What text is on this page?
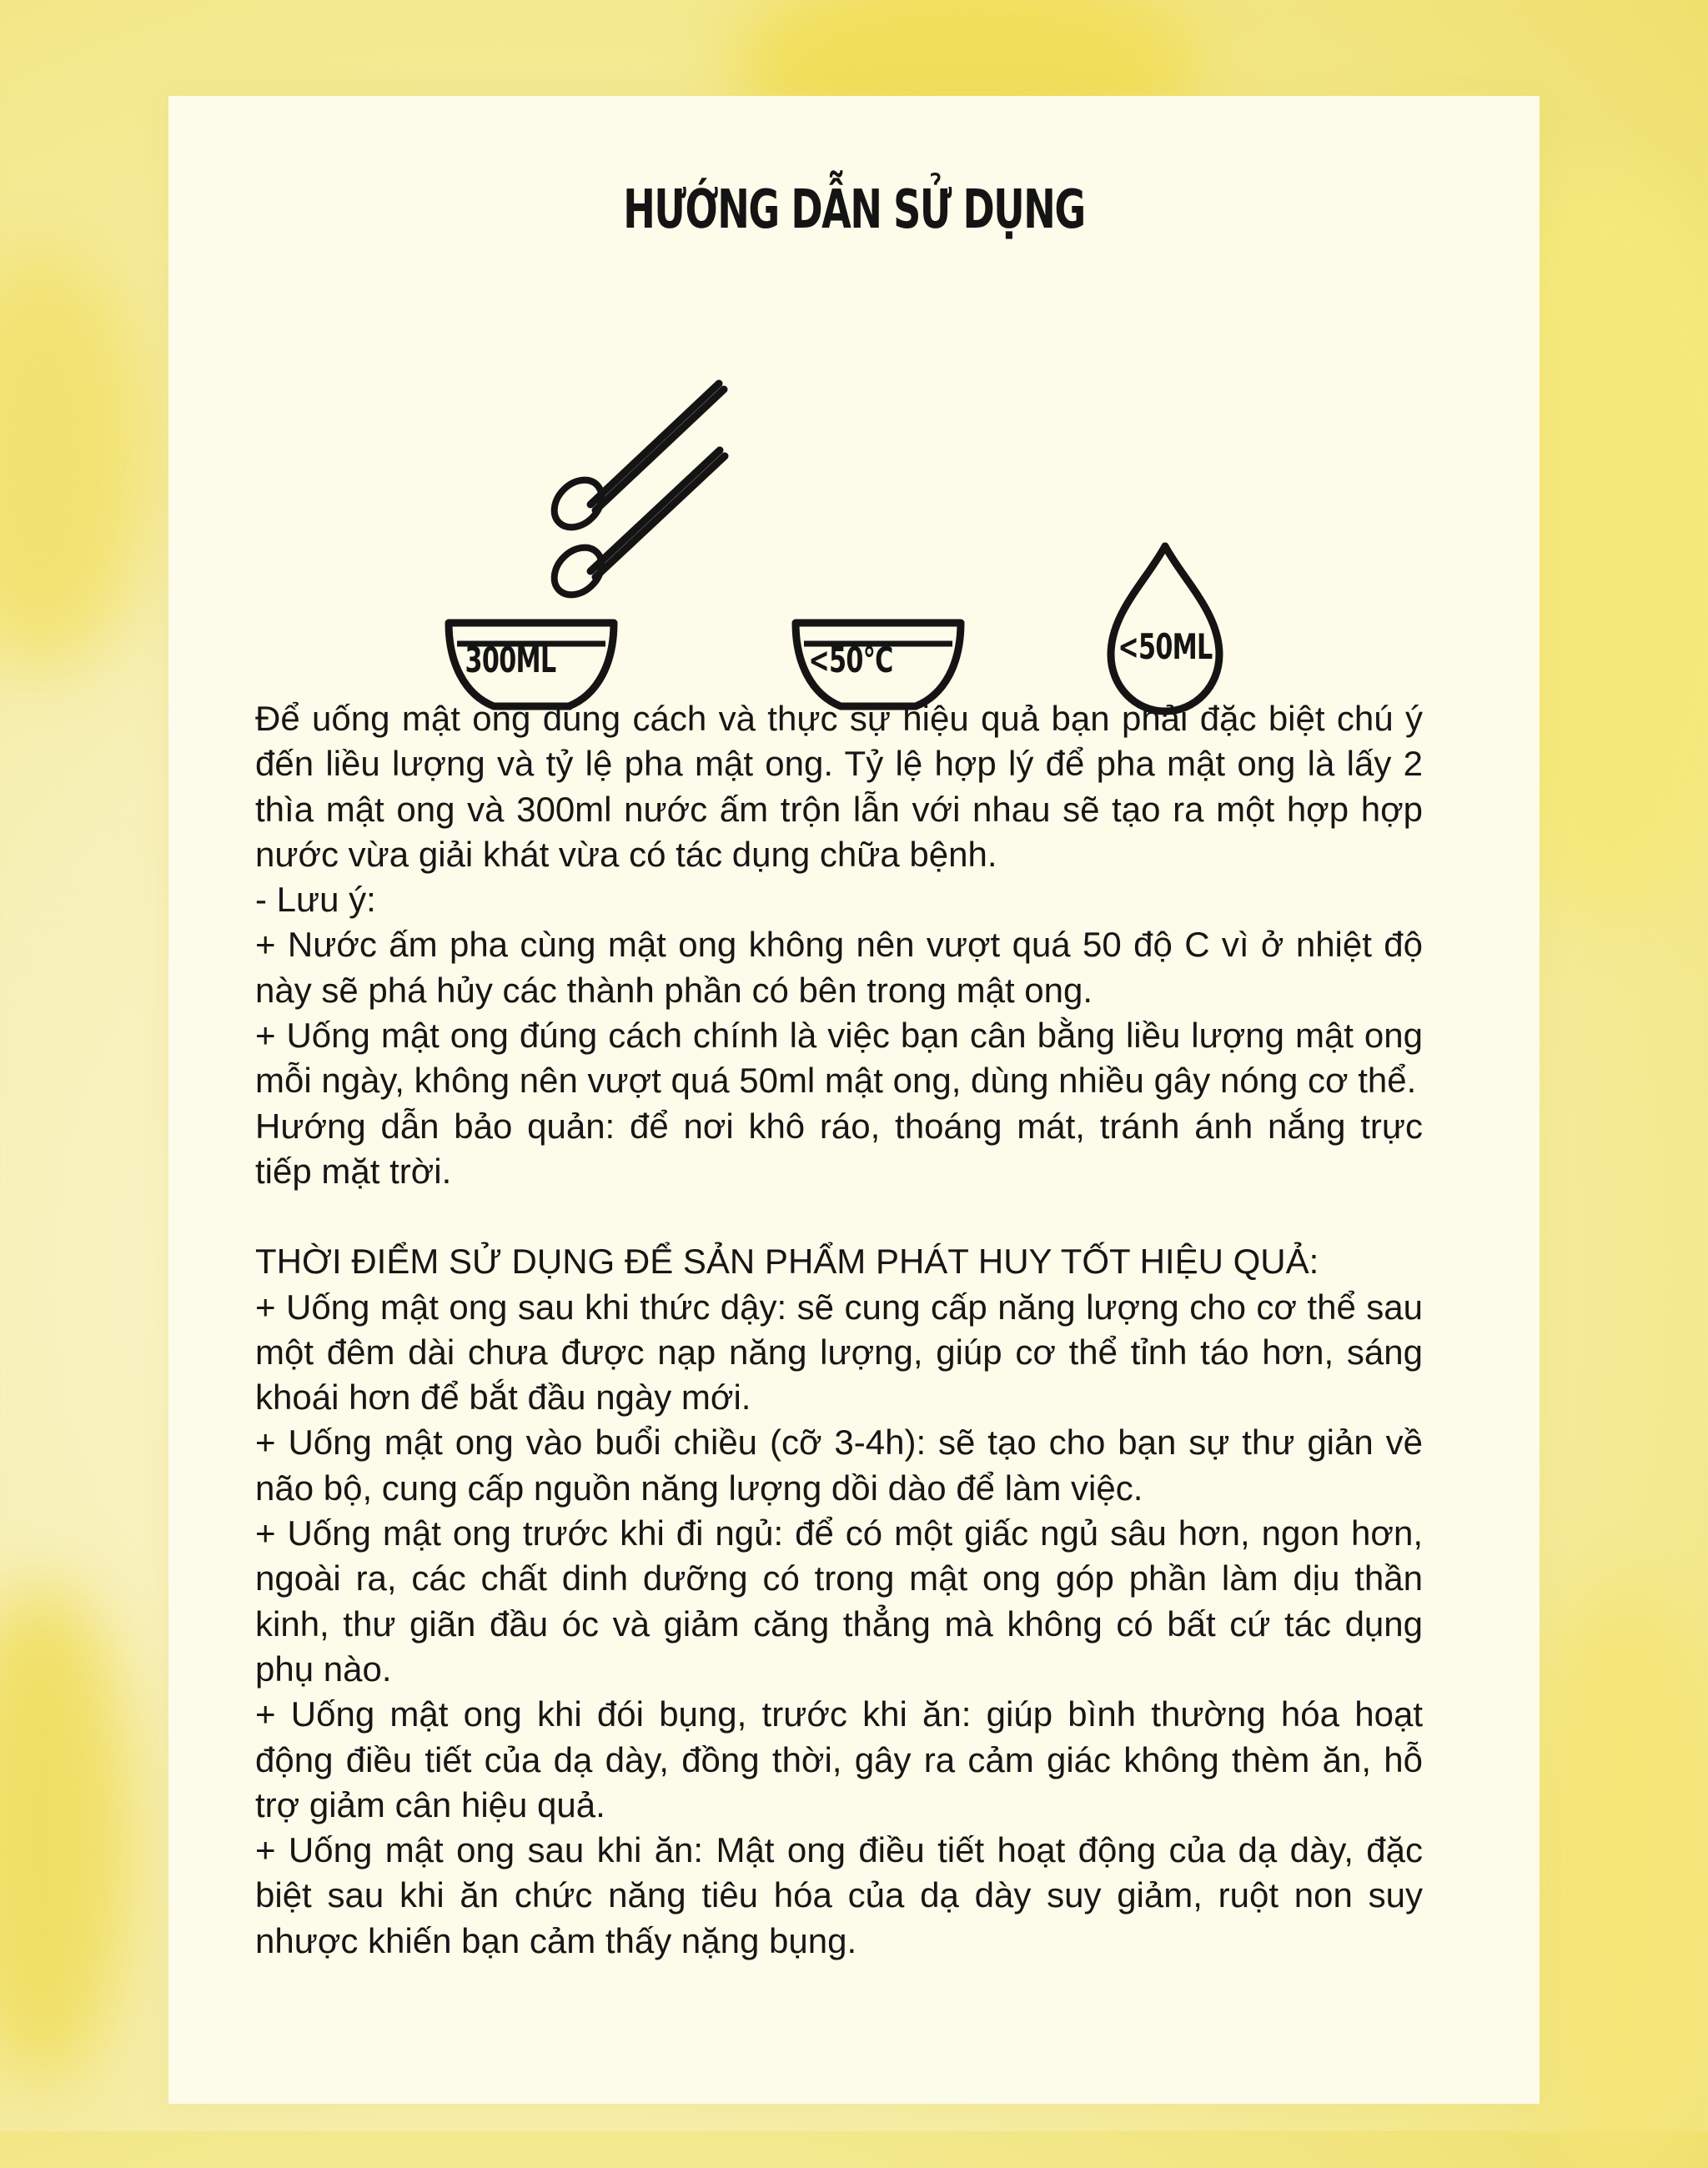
HƯỚNG DẪN SỬ DỤNG
300ML	<50°C	<50ML

Để uống mật ong đúng cách và thực sự hiệu quả bạn phải đặc biệt chú ý đến liều lượng và tỷ lệ pha mật ong. Tỷ lệ hợp lý để pha mật ong là lấy 2 thìa mật ong và 300ml nước ấm trộn lẫn với nhau sẽ tạo ra một hợp hợp nước vừa giải khát vừa có tác dụng chữa bệnh.

- Lưu ý:

+ Nước ấm pha cùng mật ong không nên vượt quá 50 độ C vì ở nhiệt độ này sẽ phá hủy các thành phần có bên trong mật ong.

+ Uống mật ong đúng cách chính là việc bạn cân bằng liều lượng mật ong mỗi ngày, không nên vượt quá 50ml mật ong, dùng nhiều gây nóng cơ thể.

Hướng dẫn bảo quản: để nơi khô ráo, thoáng mát, tránh ánh nắng trực tiếp mặt trời.

THỜI ĐIỂM SỬ DỤNG ĐỂ SẢN PHẨM PHÁT HUY TỐT HIỆU QUẢ:

+ Uống mật ong sau khi thức dậy: sẽ cung cấp năng lượng cho cơ thể sau một đêm dài chưa được nạp năng lượng, giúp cơ thể tỉnh táo hơn, sáng khoái hơn để bắt đầu ngày mới.

+ Uống mật ong vào buổi chiều (cỡ 3-4h): sẽ tạo cho bạn sự thư giản về não bộ, cung cấp nguồn năng lượng dồi dào để làm việc.

+ Uống mật ong trước khi đi ngủ: để có một giấc ngủ sâu hơn, ngon hơn, ngoài ra, các chất dinh dưỡng có trong mật ong góp phần làm dịu thần kinh, thư giãn đầu óc và giảm căng thẳng mà không có bất cứ tác dụng phụ nào.

+ Uống mật ong khi đói bụng, trước khi ăn: giúp bình thường hóa hoạt động điều tiết của dạ dày, đồng thời, gây ra cảm giác không thèm ăn, hỗ trợ giảm cân hiệu quả.

+ Uống mật ong sau khi ăn: Mật ong điều tiết hoạt động của dạ dày, đặc biệt sau khi ăn chức năng tiêu hóa của dạ dày suy giảm, ruột non suy nhược khiến bạn cảm thấy nặng bụng.
